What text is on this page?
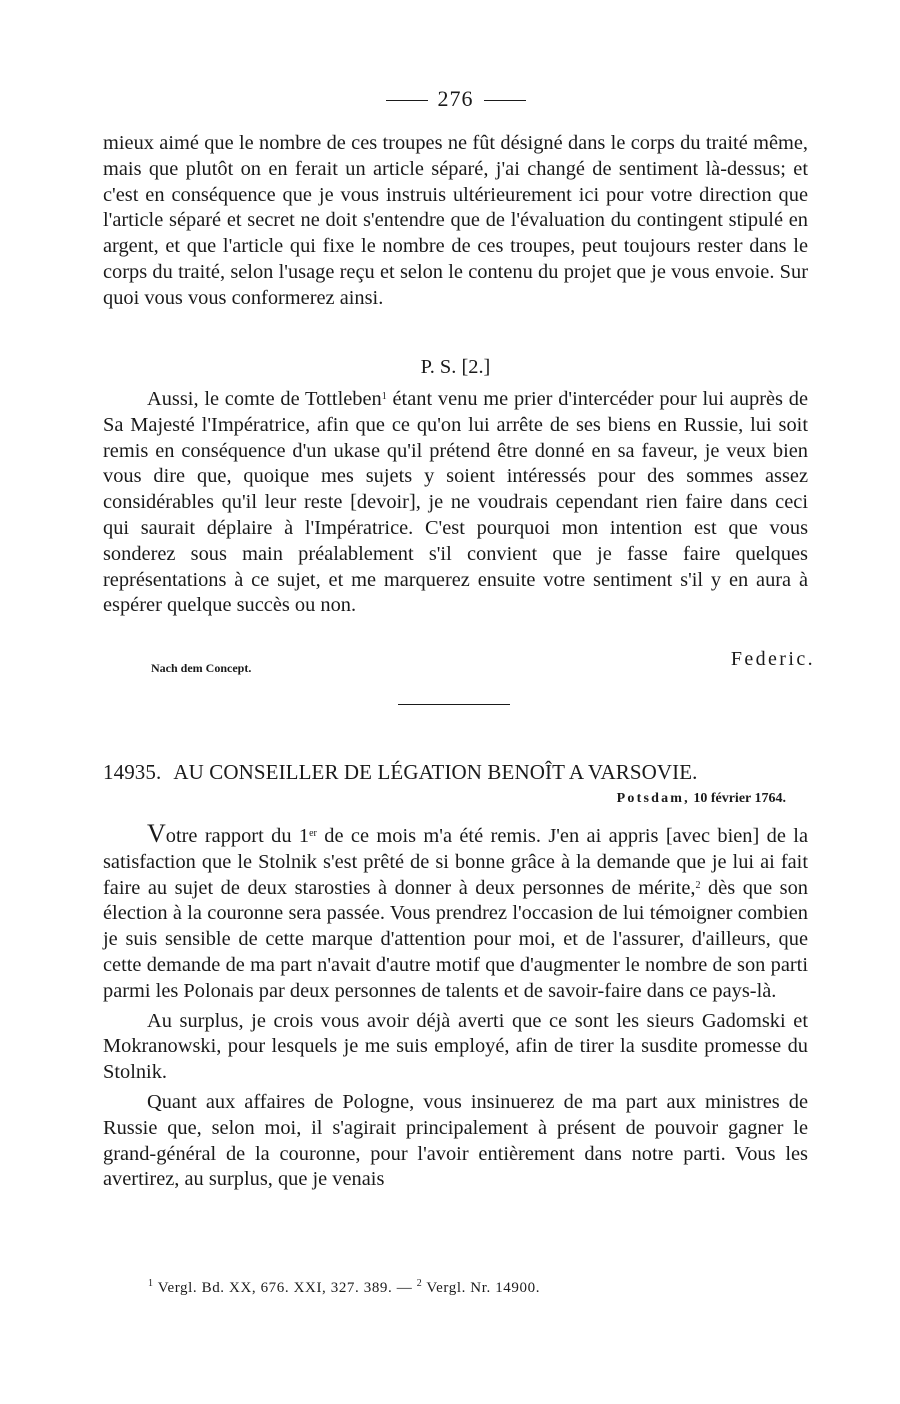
276

mieux aimé que le nombre de ces troupes ne fût désigné dans le corps du traité même, mais que plutôt on en ferait un article séparé, j'ai changé de sentiment là-dessus; et c'est en conséquence que je vous instruis ultérieurement ici pour votre direction que l'article séparé et secret ne doit s'entendre que de l'évaluation du contingent stipulé en argent, et que l'article qui fixe le nombre de ces troupes, peut toujours rester dans le corps du traité, selon l'usage reçu et selon le contenu du projet que je vous envoie. Sur quoi vous vous conformerez ainsi.

P. S. [2.]

Aussi, le comte de Tottleben$^1$ étant venu me prier d'intercéder pour lui auprès de Sa Majesté l'Impératrice, afin que ce qu'on lui arrête de ses biens en Russie, lui soit remis en conséquence d'un ukase qu'il prétend être donné en sa faveur, je veux bien vous dire que, quoique mes sujets y soient intéressés pour des sommes assez considérables qu'il leur reste [devoir], je ne voudrais cependant rien faire dans ceci qui saurait déplaire à l'Impératrice. C'est pourquoi mon intention est que vous sonderez sous main préalablement s'il convient que je fasse faire quelques représentations à ce sujet, et me marquerez ensuite votre sentiment s'il y en aura à espérer quelque succès ou non.

Nach dem Concept.	Federic.
14935. AU CONSEILLER DE LÉGATION BENOÎT A VARSOVIE.
Potsdam, 10 février 1764.

Votre rapport du 1er de ce mois m'a été remis. J'en ai appris [avec bien] de la satisfaction que le Stolnik s'est prêté de si bonne grâce à la demande que je lui ai fait faire au sujet de deux starosties à donner à deux personnes de mérite,$^2$ dès que son élection à la couronne sera passée. Vous prendrez l'occasion de lui témoigner combien je suis sensible de cette marque d'attention pour moi, et de l'assurer, d'ailleurs, que cette demande de ma part n'avait d'autre motif que d'augmenter le nombre de son parti parmi les Polonais par deux personnes de talents et de savoir-faire dans ce pays-là.

Au surplus, je crois vous avoir déjà averti que ce sont les sieurs Gadomski et Mokranowski, pour lesquels je me suis employé, afin de tirer la susdite promesse du Stolnik.

Quant aux affaires de Pologne, vous insinuerez de ma part aux ministres de Russie que, selon moi, il s'agirait principalement à présent de pouvoir gagner le grand-général de la couronne, pour l'avoir entièrement dans notre parti. Vous les avertirez, au surplus, que je venais

$^1$ Vergl. Bd. XX, 676. XXI, 327. 389. — $^2$ Vergl. Nr. 14900.
